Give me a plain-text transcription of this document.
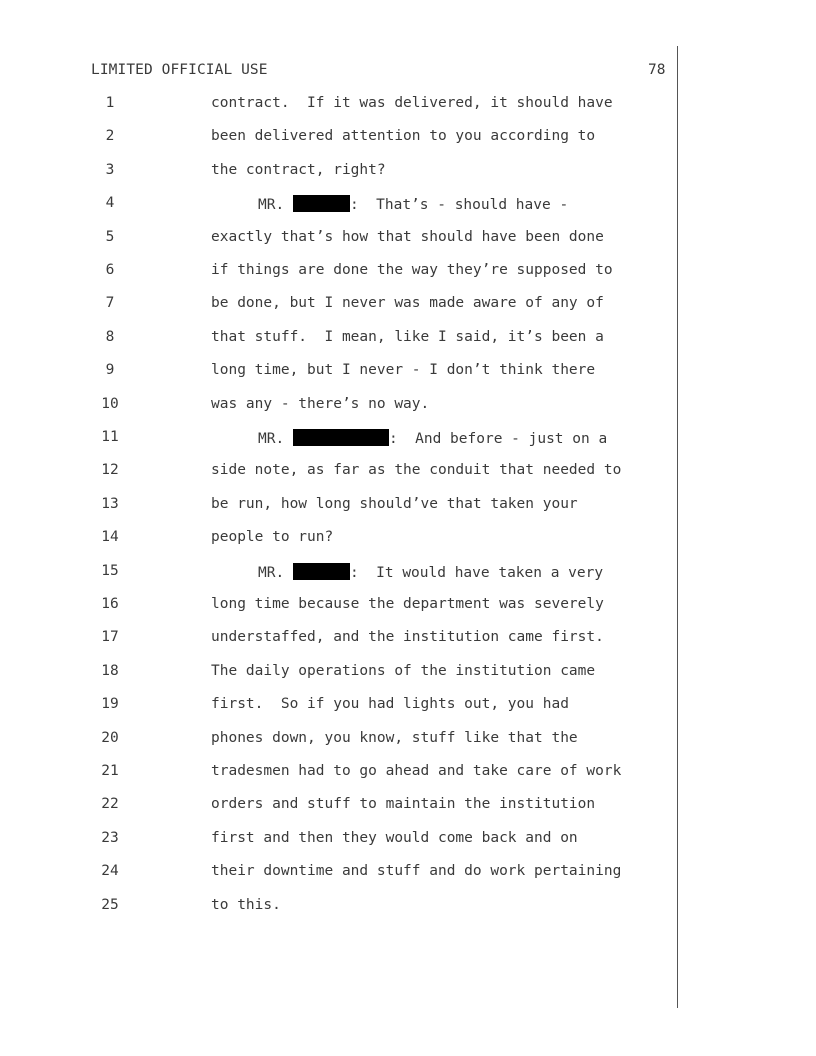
LIMITED OFFICIAL USE	78
1	contract.  If it was delivered, it should have
2	been delivered attention to you according to
3	the contract, right?
4	MR.	:  That’s - should have -
5	exactly that’s how that should have been done
6	if things are done the way they’re supposed to
7	be done, but I never was made aware of any of
8	that stuff.  I mean, like I said, it’s been a
9	long time, but I never - I don’t think there
10	was any - there’s no way.
11	MR.	:  And before - just on a
12	side note, as far as the conduit that needed to
13	be run, how long should’ve that taken your
14	people to run?
15	MR.	:  It would have taken a very
16	long time because the department was severely
17	understaffed, and the institution came first.
18	The daily operations of the institution came
19	first.  So if you had lights out, you had
20	phones down, you know, stuff like that the
21	tradesmen had to go ahead and take care of work
22	orders and stuff to maintain the institution
23	first and then they would come back and on
24	their downtime and stuff and do work pertaining
25	to this.
